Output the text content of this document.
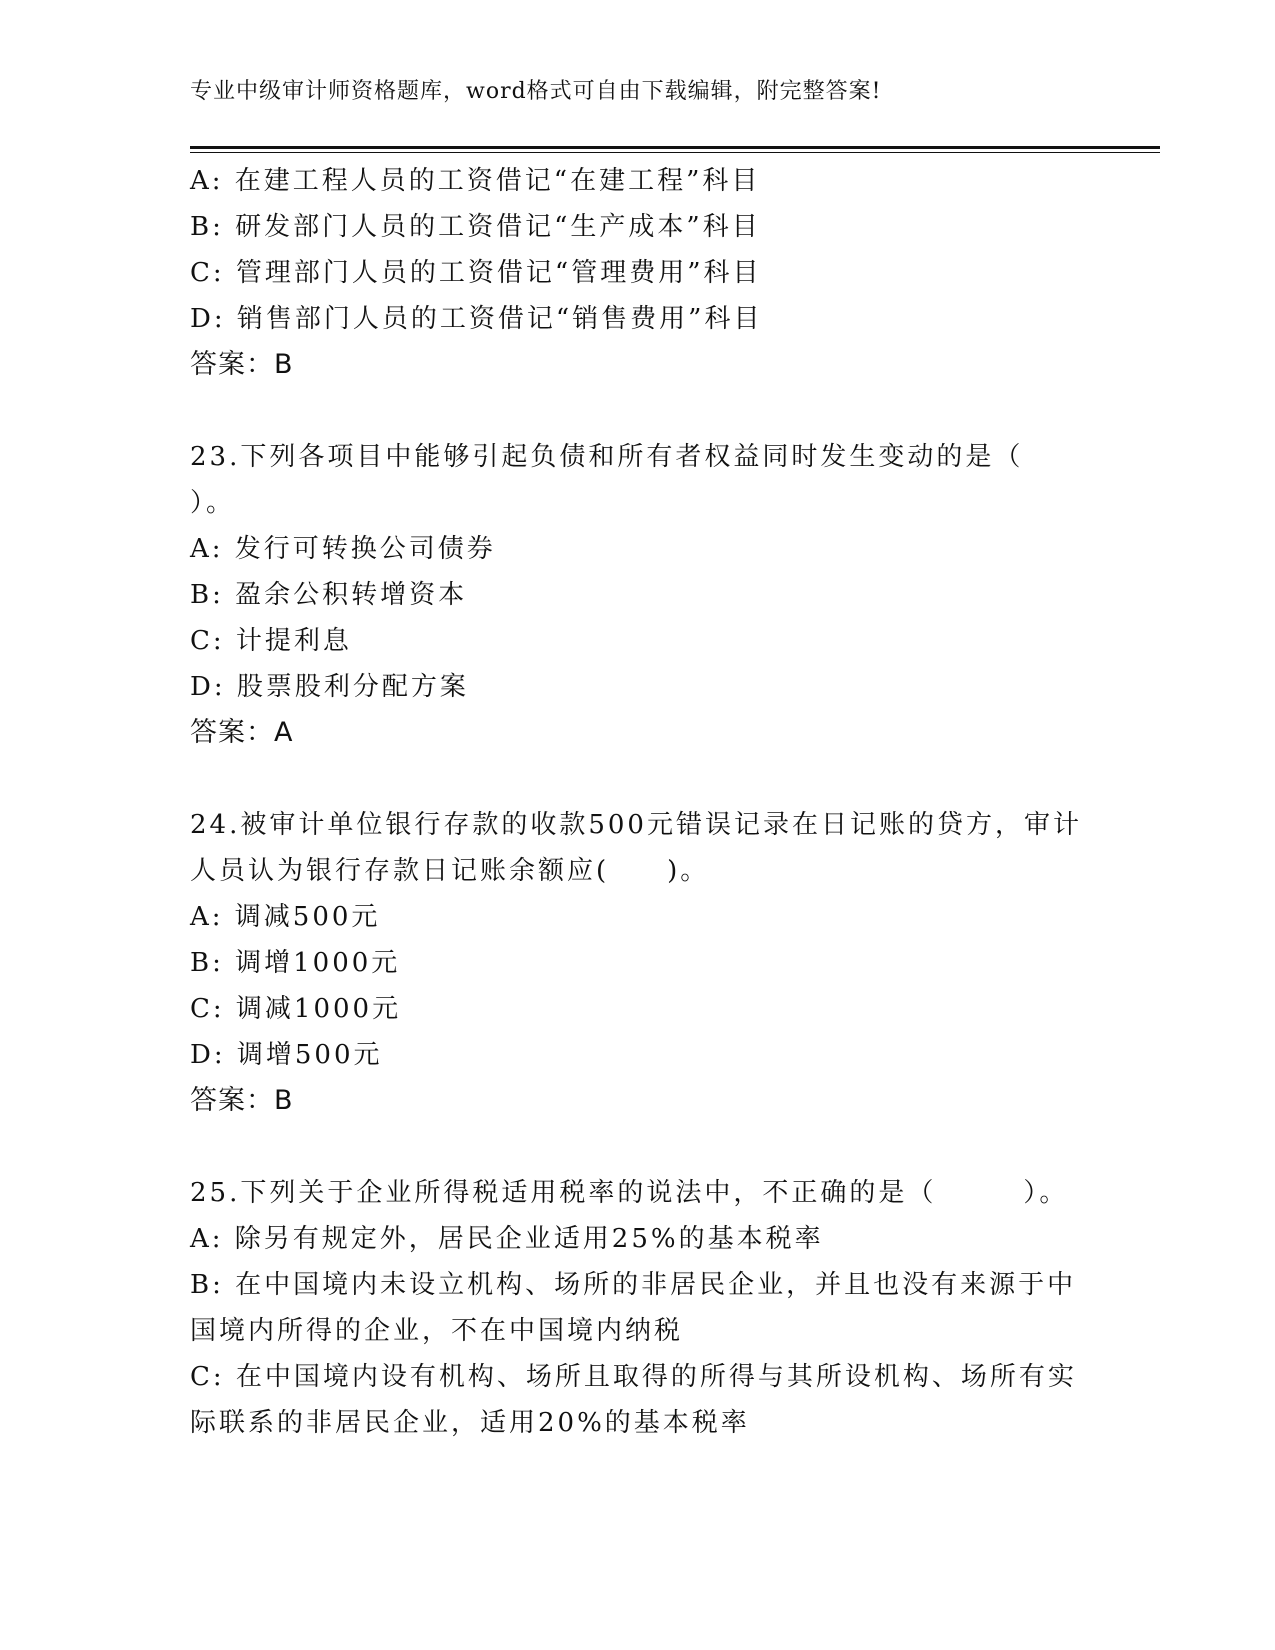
专业中级审计师资格题库，word格式可自由下载编辑，附完整答案!
A: 在建工程人员的工资借记“在建工程”科目
B: 研发部门人员的工资借记“生产成本”科目
C: 管理部门人员的工资借记“管理费用”科目
D: 销售部门人员的工资借记“销售费用”科目
答案：B
23.下列各项目中能够引起负债和所有者权益同时发生变动的是（
）。
A: 发行可转换公司债券
B: 盈余公积转增资本
C: 计提利息
D: 股票股利分配方案
答案：A
24.被审计单位银行存款的收款500元错误记录在日记账的贷方，审计
人员认为银行存款日记账余额应(　　)。
A: 调减500元
B: 调增1000元
C: 调减1000元
D: 调增500元
答案：B
25.下列关于企业所得税适用税率的说法中，不正确的是（　　　）。
A: 除另有规定外，居民企业适用25%的基本税率
B: 在中国境内未设立机构、场所的非居民企业，并且也没有来源于中
国境内所得的企业，不在中国境内纳税
C: 在中国境内设有机构、场所且取得的所得与其所设机构、场所有实
际联系的非居民企业，适用20%的基本税率
